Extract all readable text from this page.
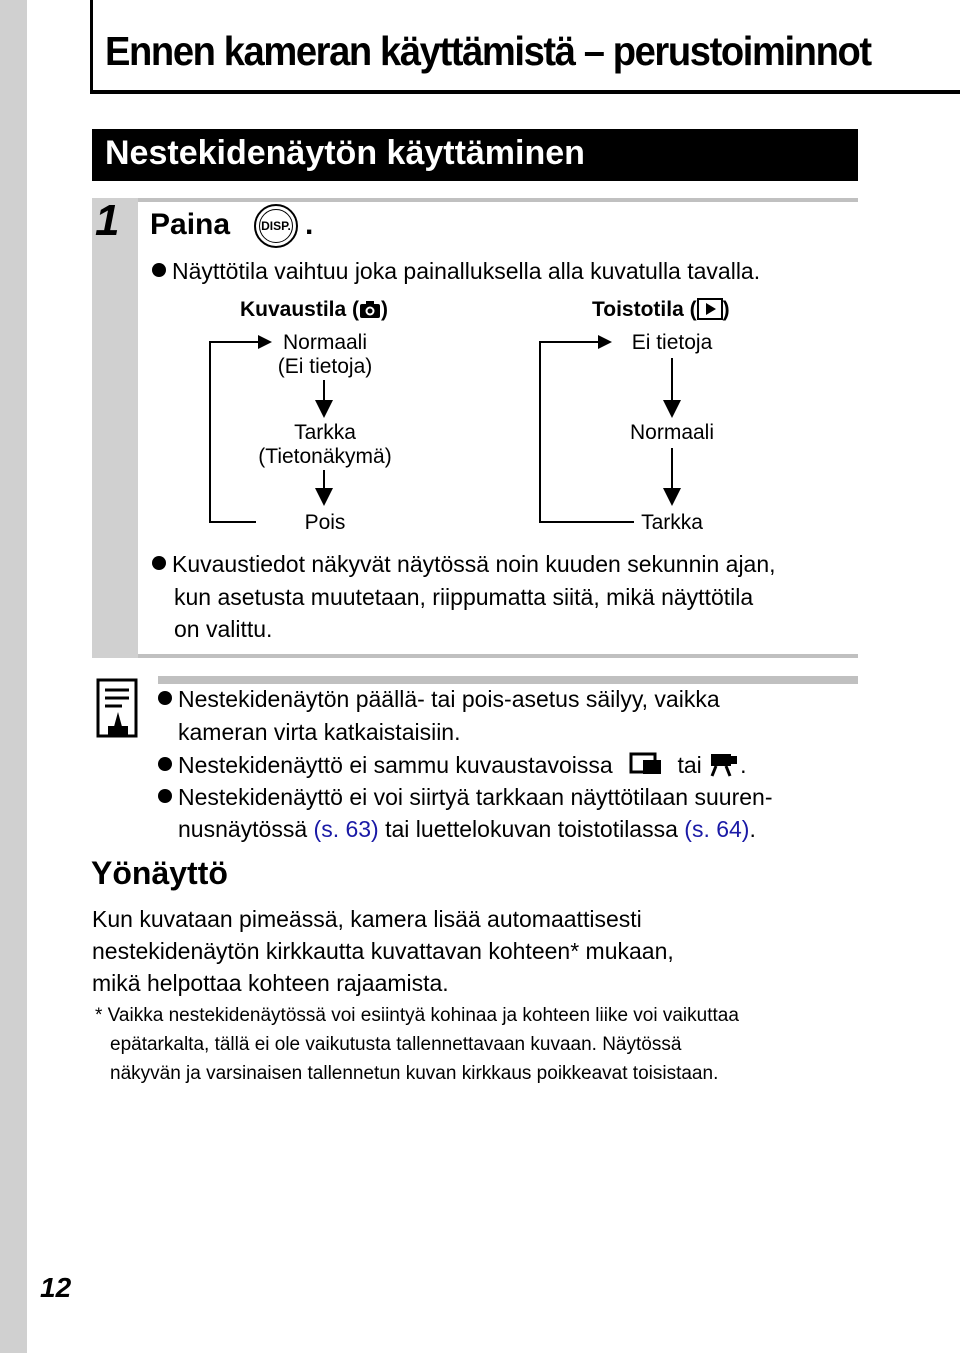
12
Ennen kameran käyttämistä – perustoiminnot
Nestekidenäytön käyttäminen
1 Paina	DISP. .
Näyttötila vaihtuu joka painalluksella alla kuvatulla tavalla.
Kuvaustila ( )	Toistotila ( )
Normaali
(Ei tietoja)
Tarkka
(Tietonäkymä)
Pois
Ei tietoja
Normaali
Tarkka
Kuvaustiedot näkyvät näytössä noin kuuden sekunnin ajan,
kun asetusta muutetaan, riippumatta siitä, mikä näyttötila
on valittu.
Nestekidenäytön päällä- tai pois-asetus säilyy, vaikka
kameran virta katkaistaisiin.
Nestekidenäyttö ei sammu kuvaustavoissa	tai .
Nestekidenäyttö ei voi siirtyä tarkkaan näyttötilaan suuren-
nusnäytössä (s. 63) tai luettelokuvan toistotilassa (s. 64).
Yönäyttö
Kun kuvataan pimeässä, kamera lisää automaattisesti
nestekidenäytön kirkkautta kuvattavan kohteen* mukaan,
mikä helpottaa kohteen rajaamista.
* Vaikka nestekidenäytössä voi esiintyä kohinaa ja kohteen liike voi vaikuttaa
epätarkalta, tällä ei ole vaikutusta tallennettavaan kuvaan. Näytössä
näkyvän ja varsinaisen tallennetun kuvan kirkkaus poikkeavat toisistaan.
